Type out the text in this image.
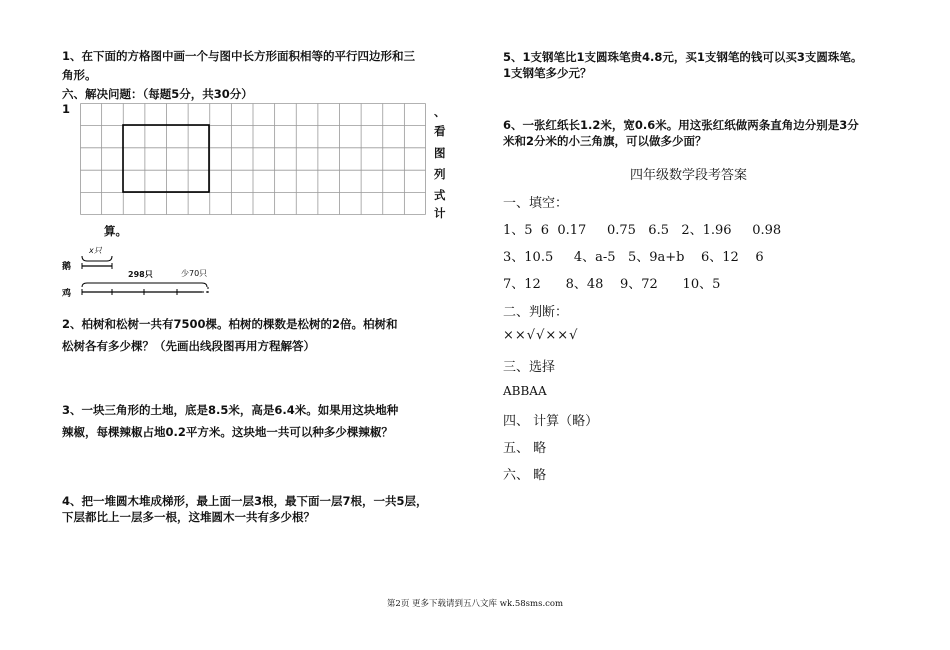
1、在下面的方格图中画一个与图中长方形面积相等的平行四边形和三
角形。
六、解决问题：（每题5分，共30分）
1	、
看
图
列
式
计
算。
鹅
鸡
x只
298只	少70只
2、柏树和松树一共有7500棵。柏树的棵数是松树的2倍。柏树和
松树各有多少棵？（先画出线段图再用方程解答）
3、一块三角形的土地，底是8.5米，高是6.4米。如果用这块地种
辣椒，每棵辣椒占地0.2平方米。这块地一共可以种多少棵辣椒？
4、把一堆圆木堆成梯形，最上面一层3根，最下面一层7根，一共5层，
下层都比上一层多一根，这堆圆木一共有多少根？
5、1支钢笔比1支圆珠笔贵4.8元，买1支钢笔的钱可以买3支圆珠笔。
1支钢笔多少元？
6、一张红纸长1.2米，宽0.6米。用这张红纸做两条直角边分别是3分
米和2分米的小三角旗，可以做多少面？
四年级数学段考答案
一、填空：
1、5  6  0.17     0.75   6.5   2、1.96     0.98
3、10.5     4、a-5   5、9a+b    6、12    6
7、12      8、48    9、72      10、5
二、判断：
××√√××√
三、选择
ABBAA
四、 计算（略）
五、 略
六、 略
第2页 更多下载请到五八文库 wk.58sms.com
